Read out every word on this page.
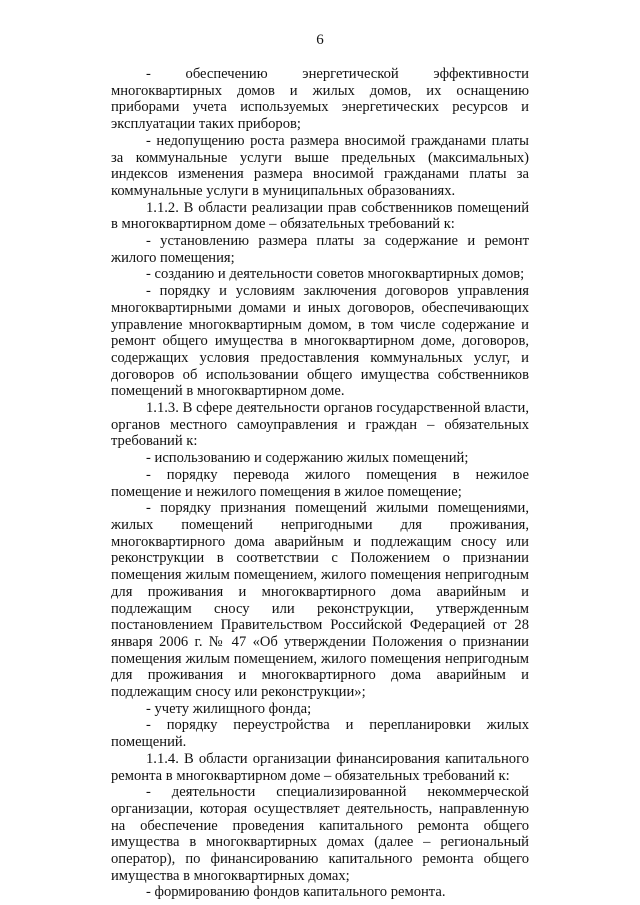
6

- обеспечению энергетической эффективности многоквартирных домов и жилых домов, их оснащению приборами учета используемых энергетических ресурсов и эксплуатации таких приборов;

- недопущению роста размера вносимой гражданами платы за коммунальные услуги выше предельных (максимальных) индексов изменения размера вносимой гражданами платы за коммунальные услуги в муниципальных образованиях.

1.1.2. В области реализации прав собственников помещений в многоквартирном доме – обязательных требований к:

- установлению размера платы за содержание и ремонт жилого помещения;

- созданию и деятельности советов многоквартирных домов;

- порядку и условиям заключения договоров управления многоквартирными домами и иных договоров, обеспечивающих управление многоквартирным домом, в том числе содержание и ремонт общего имущества в многоквартирном доме, договоров, содержащих условия предоставления коммунальных услуг, и договоров об использовании общего имущества собственников помещений в многоквартирном доме.

1.1.3. В сфере деятельности органов государственной власти, органов местного самоуправления и граждан – обязательных требований к:

- использованию и содержанию жилых помещений;

- порядку перевода жилого помещения в нежилое помещение и нежилого помещения в жилое помещение;

- порядку признания помещений жилыми помещениями, жилых помещений непригодными для проживания, многоквартирного дома аварийным и подлежащим сносу или реконструкции в соответствии с Положением о признании помещения жилым помещением, жилого помещения непригодным для проживания и многоквартирного дома аварийным и подлежащим сносу или реконструкции, утвержденным постановлением Правительством Российской Федерацией от 28 января 2006 г. № 47 «Об утверждении Положения о признании помещения жилым помещением, жилого помещения непригодным для проживания и многоквартирного дома аварийным и подлежащим сносу или реконструкции»;

- учету жилищного фонда;

- порядку переустройства и перепланировки жилых помещений.

1.1.4. В области организации финансирования капитального ремонта в многоквартирном доме – обязательных требований к:

- деятельности специализированной некоммерческой организации, которая осуществляет деятельность, направленную на обеспечение проведения капитального ремонта общего имущества в многоквартирных домах (далее – региональный оператор), по финансированию капитального ремонта общего имущества в многоквартирных домах;

- формированию фондов капитального ремонта.
